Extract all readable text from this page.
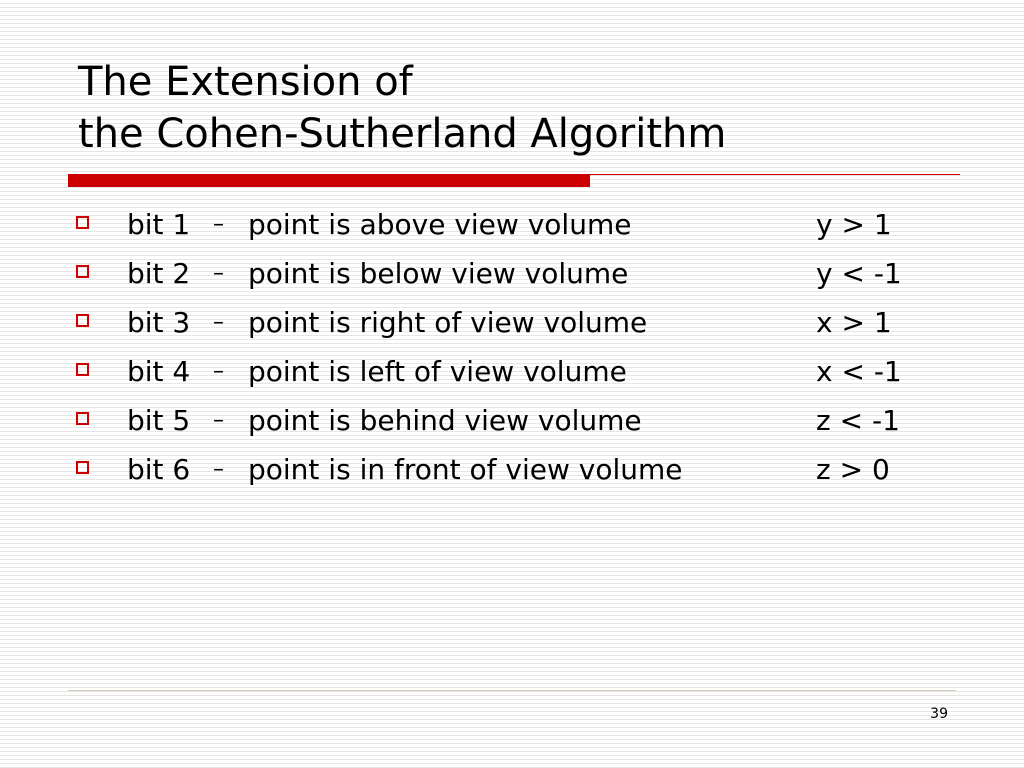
The Extension of
the Cohen-Sutherland Algorithm
bit 1 – point is above view volume	y > 1
bit 2 – point is below view volume	y < -1
bit 3 – point is right of view volume	x > 1
bit 4 – point is left of view volume	x < -1
bit 5 – point is behind view volume	z < -1
bit 6 – point is in front of view volume	z > 0
39
